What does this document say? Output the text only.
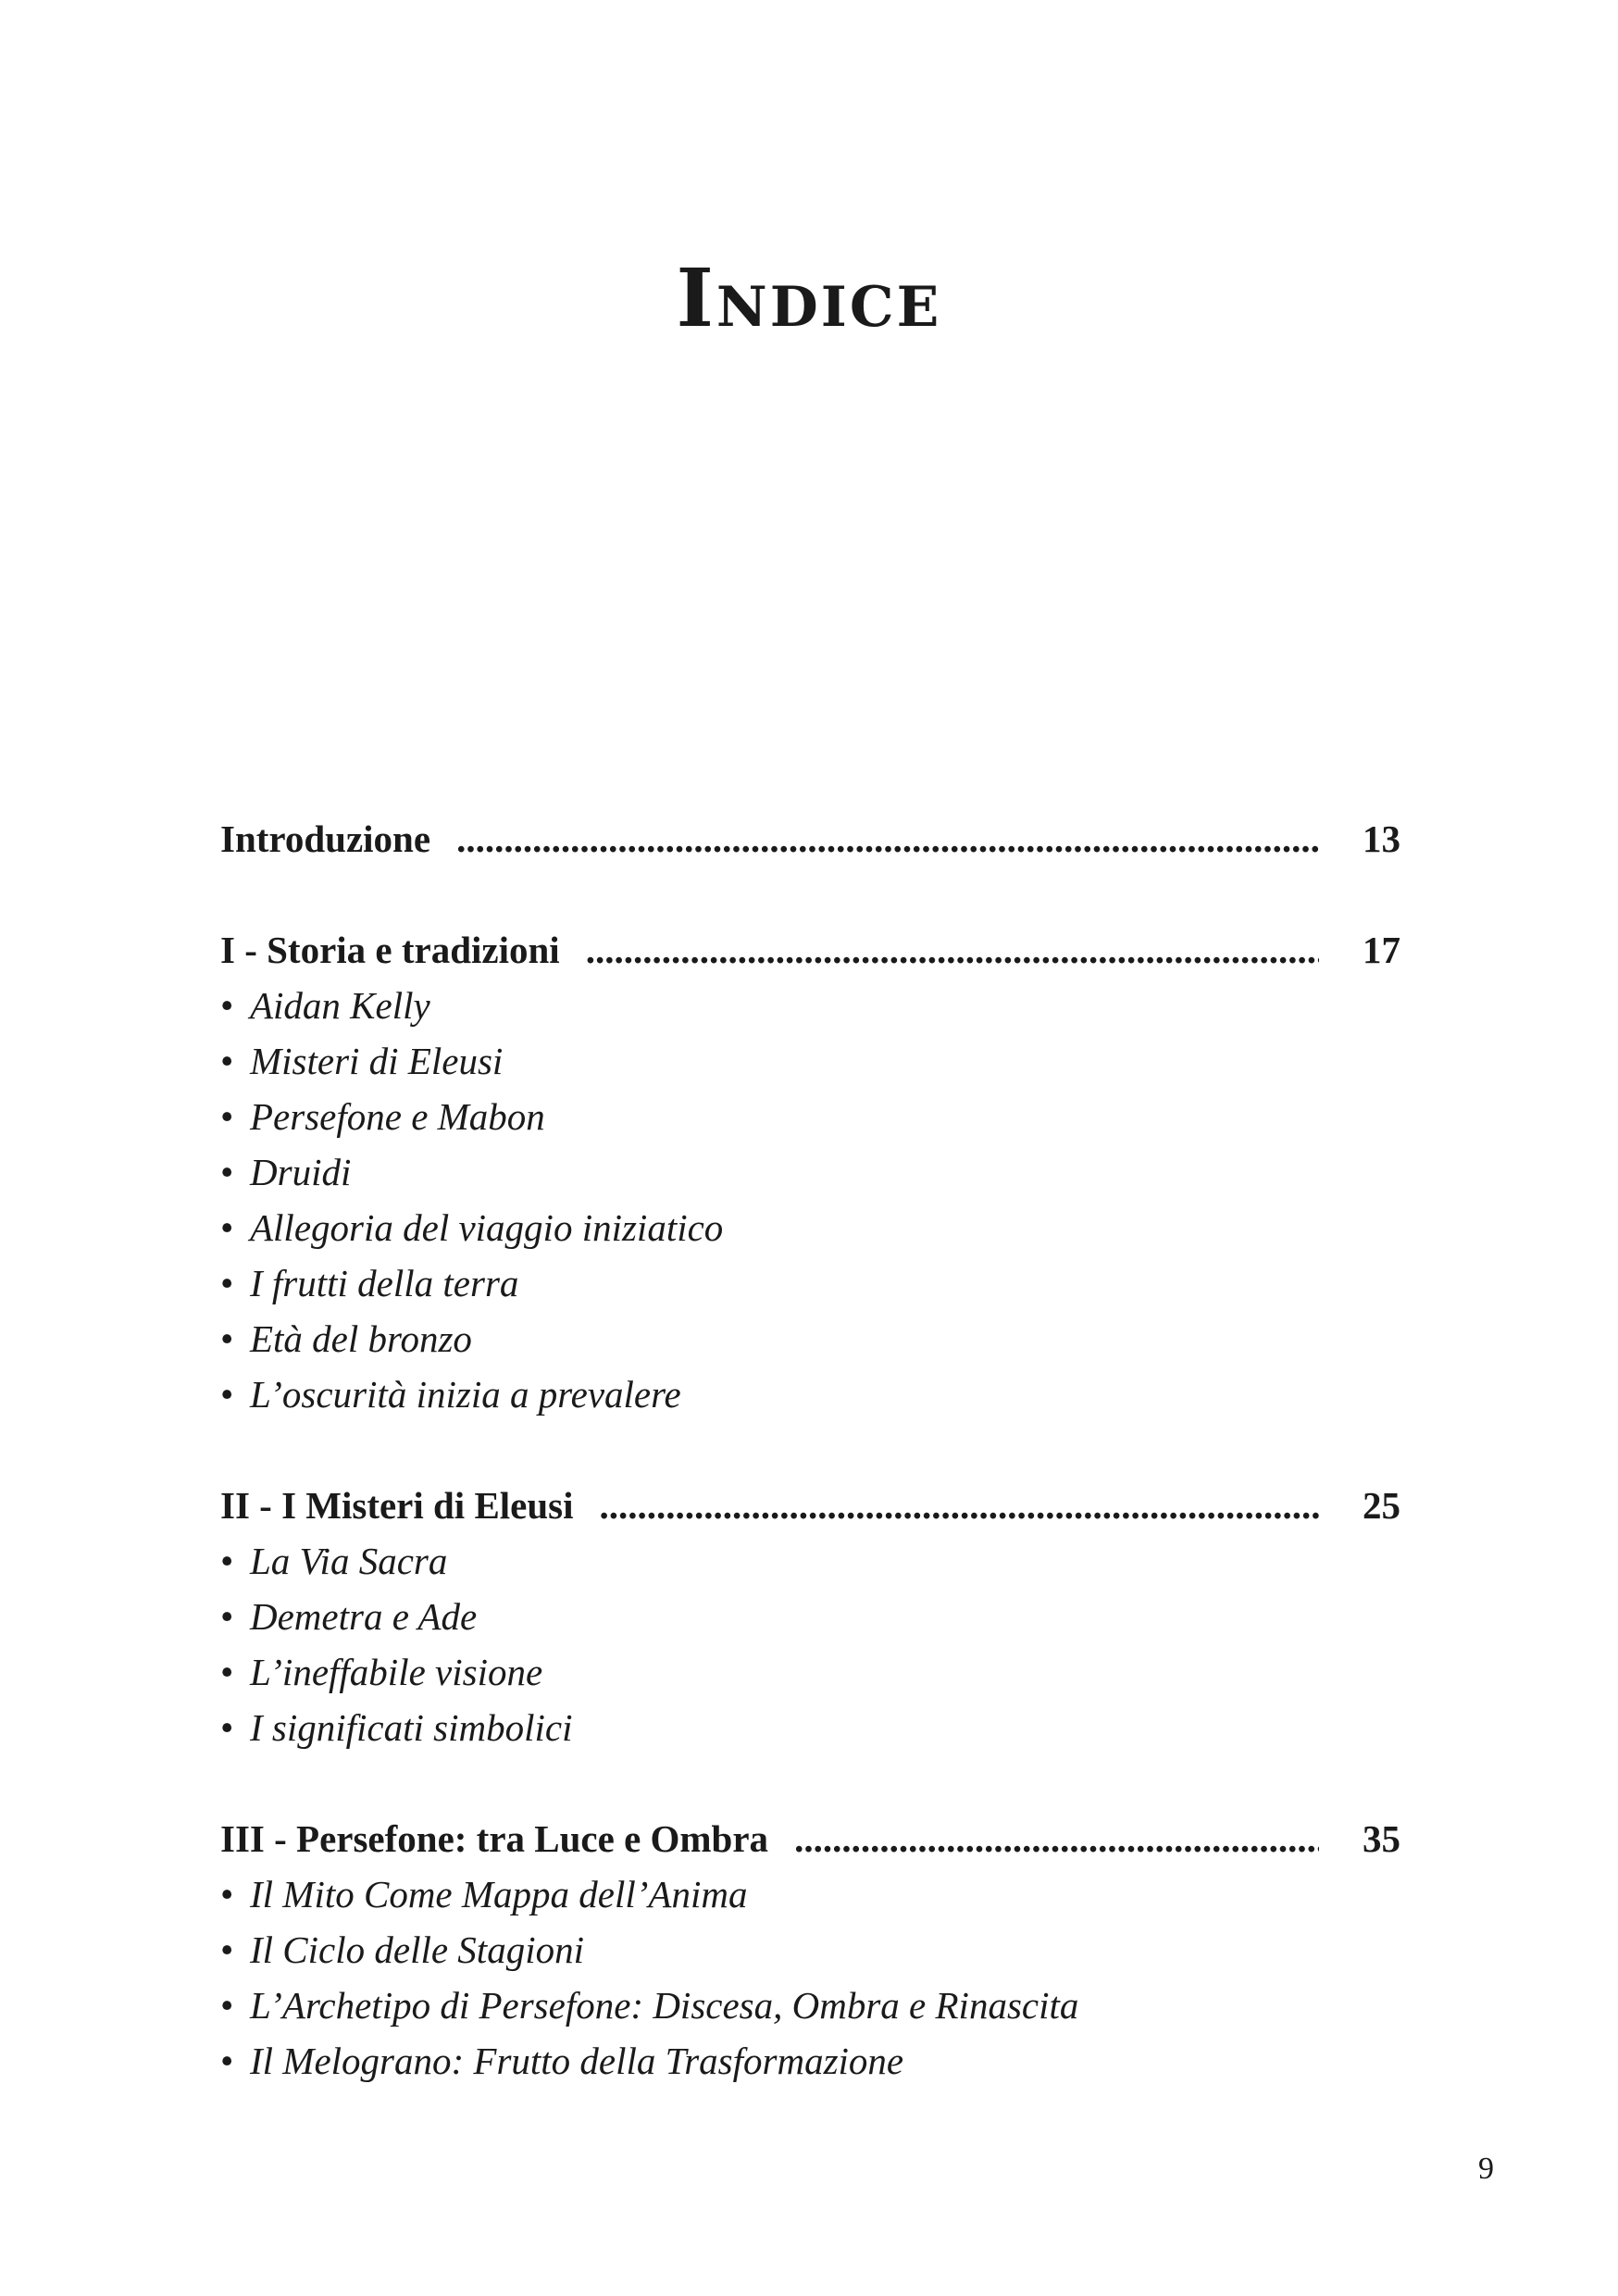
Indice
Introduzione .....	13
I - Storia e tradizioni .....	17
• Aidan Kelly
• Misteri di Eleusi
• Persefone e Mabon
• Druidi
• Allegoria del viaggio iniziatico
• I frutti della terra
• Età del bronzo
• L’oscurità inizia a prevalere
II - I Misteri di Eleusi .....	25
• La Via Sacra
• Demetra e Ade
• L’ineffabile visione
• I significati simbolici
III - Persefone: tra Luce e Ombra .....	35
• Il Mito Come Mappa dell’Anima
• Il Ciclo delle Stagioni
• L’Archetipo di Persefone: Discesa, Ombra e Rinascita
• Il Melograno: Frutto della Trasformazione
9
